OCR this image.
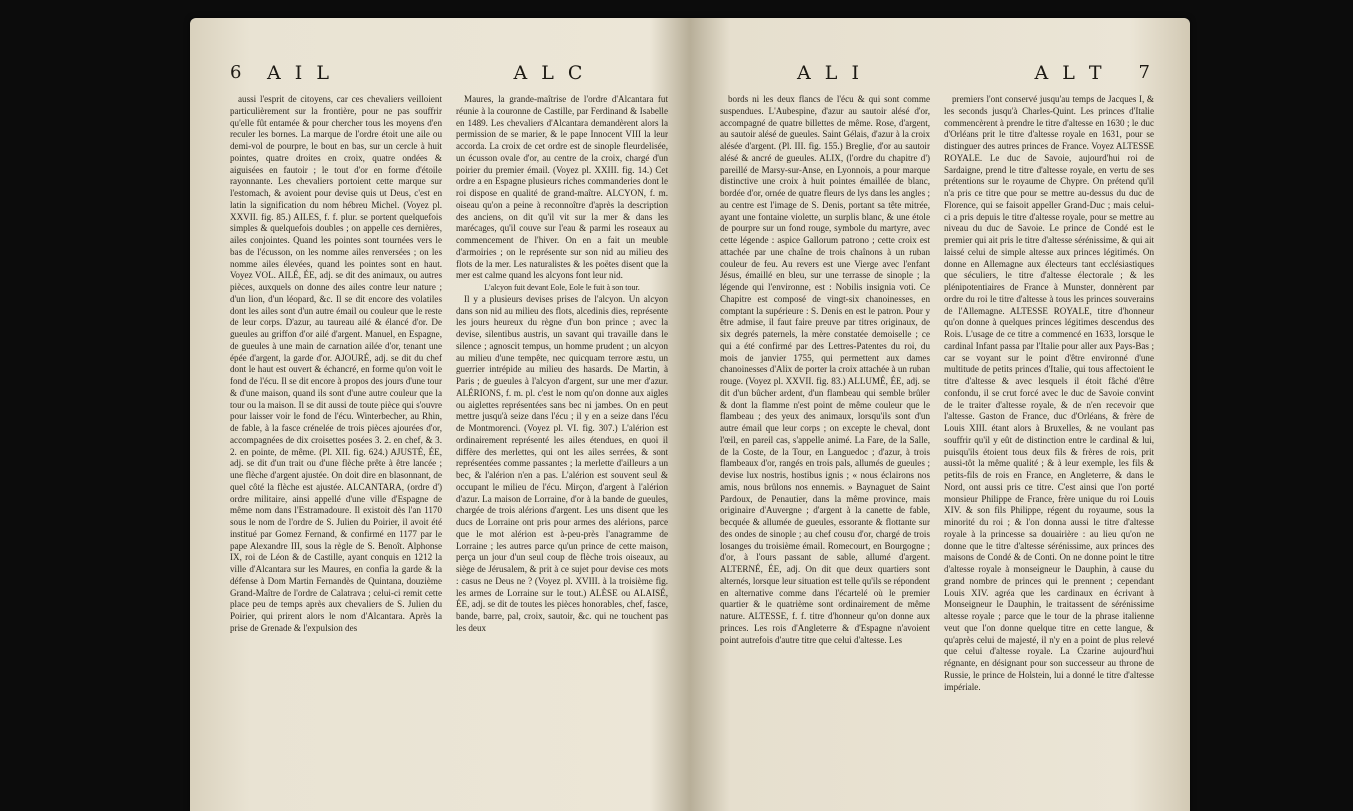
6	A I L	A L C

aussi l'esprit de citoyens, car ces chevaliers veilloient particulièrement sur la frontière, pour ne pas souffrir qu'elle fût entamée & pour chercher tous les moyens d'en reculer les bornes. La marque de l'ordre étoit une aile ou demi-vol de pourpre, le bout en bas, sur un cercle à huit pointes, quatre droites en croix, quatre ondées & aiguisées en fautoir ; le tout d'or en forme d'étoile rayonnante. Les chevaliers portoient cette marque sur l'estomach, & avoient pour devise quis ut Deus, c'est en latin la signification du nom hébreu Michel. (Voyez pl. XXVII. fig. 85.) AILES, f. f. plur. se portent quelquefois simples & quelquefois doubles ; on appelle ces dernières, ailes conjointes. Quand les pointes sont tournées vers le bas de l'écusson, on les nomme ailes renversées ; on les nomme ailes élevées, quand les pointes sont en haut. Voyez VOL. AILÉ, ÉE, adj. se dit des animaux, ou autres pièces, auxquels on donne des ailes contre leur nature ; d'un lion, d'un léopard, &c. Il se dit encore des volatiles dont les ailes sont d'un autre émail ou couleur que le reste de leur corps. D'azur, au taureau ailé & élancé d'or. De gueules au griffon d'or ailé d'argent. Manuel, en Espagne, de gueules à une main de carnation ailée d'or, tenant une épée d'argent, la garde d'or. AJOURÉ, adj. se dit du chef dont le haut est ouvert & échancré, en forme qu'on voit le fond de l'écu. Il se dit encore à propos des jours d'une tour & d'une maison, quand ils sont d'une autre couleur que la tour ou la maison. Il se dit aussi de toute pièce qui s'ouvre pour laisser voir le fond de l'écu. Winterbecher, au Rhin, de fable, à la fasce crénelée de trois pièces ajourées d'or, accompagnées de dix croisettes posées 3. 2. en chef, & 3. 2. en pointe, de même. (Pl. XII. fig. 624.) AJUSTÉ, ÉE, adj. se dit d'un trait ou d'une flèche prête à être lancée ; une flèche d'argent ajustée. On doit dire en blasonnant, de quel côté la flèche est ajustée. ALCANTARA, (ordre d') ordre militaire, ainsi appellé d'une ville d'Espagne de même nom dans l'Estramadoure. Il existoit dès l'an 1170 sous le nom de l'ordre de S. Julien du Poirier, il avoit été institué par Gomez Fernand, & confirmé en 1177 par le pape Alexandre III, sous la règle de S. Benoît. Alphonse IX, roi de Léon & de Castille, ayant conquis en 1212 la ville d'Alcantara sur les Maures, en confia la garde & la défense à Dom Martin Fernandès de Quintana, douzième Grand-Maître de l'ordre de Calatrava ; celui-ci remit cette place peu de temps après aux chevaliers de S. Julien du Poirier, qui prirent alors le nom d'Alcantara. Après la prise de Grenade & l'expulsion des

Maures, la grande-maîtrise de l'ordre d'Alcantara fut réunie à la couronne de Castille, par Ferdinand & Isabelle en 1489. Les chevaliers d'Alcantara demandèrent alors la permission de se marier, & le pape Innocent VIII la leur accorda. La croix de cet ordre est de sinople fleurdelisée, un écusson ovale d'or, au centre de la croix, chargé d'un poirier du premier émail. (Voyez pl. XXIII. fig. 14.) Cet ordre a en Espagne plusieurs riches commanderies dont le roi dispose en qualité de grand-maître. ALCYON, f. m. oiseau qu'on a peine à reconnoître d'après la description des anciens, on dit qu'il vit sur la mer & dans les marécages, qu'il couve sur l'eau & parmi les roseaux au commencement de l'hiver. On en a fait un meuble d'armoiries ; on le représente sur son nid au milieu des flots de la mer. Les naturalistes & les poëtes disent que la mer est calme quand les alcyons font leur nid.

L'alcyon fuit devant Eole, Eole le fuit à son tour.

Il y a plusieurs devises prises de l'alcyon. Un alcyon dans son nid au milieu des flots, alcedinis dies, représente les jours heureux du règne d'un bon prince ; avec la devise, silentibus austris, un savant qui travaille dans le silence ; agnoscit tempus, un homme prudent ; un alcyon au milieu d'une tempête, nec quicquam terrore æstu, un guerrier intrépide au milieu des hasards. De Martin, à Paris ; de gueules à l'alcyon d'argent, sur une mer d'azur. ALÉRIONS, f. m. pl. c'est le nom qu'on donne aux aigles ou aiglettes représentées sans bec ni jambes. On en peut mettre jusqu'à seize dans l'écu ; il y en a seize dans l'écu de Montmorenci. (Voyez pl. VI. fig. 307.) L'alérion est ordinairement représenté les ailes étendues, en quoi il diffère des merlettes, qui ont les ailes serrées, & sont représentées comme passantes ; la merlette d'ailleurs a un bec, & l'alérion n'en a pas. L'alérion est souvent seul & occupant le milieu de l'écu. Mirçon, d'argent à l'alérion d'azur. La maison de Lorraine, d'or à la bande de gueules, chargée de trois alérions d'argent. Les uns disent que les ducs de Lorraine ont pris pour armes des alérions, parce que le mot alérion est à-peu-près l'anagramme de Lorraine ; les autres parce qu'un prince de cette maison, perça un jour d'un seul coup de flèche trois oiseaux, au siège de Jérusalem, & prit à ce sujet pour devise ces mots : casus ne Deus ne ? (Voyez pl. XVIII. à la troisième fig. les armes de Lorraine sur le tout.) ALÈSE ou ALAISÉ, ÉE, adj. se dit de toutes les pièces honorables, chef, fasce, bande, barre, pal, croix, sautoir, &c. qui ne touchent pas les deux

A L I	A L T	7

bords ni les deux flancs de l'écu & qui sont comme suspendues. L'Aubespine, d'azur au sautoir alésé d'or, accompagné de quatre billettes de même. Rose, d'argent, au sautoir alésé de gueules. Saint Gélais, d'azur à la croix alésée d'argent. (Pl. III. fig. 155.) Breglie, d'or au sautoir alésé & ancré de gueules. ALIX, (l'ordre du chapitre d') pareillé de Marsy-sur-Anse, en Lyonnois, a pour marque distinctive une croix à huit pointes émaillée de blanc, bordée d'or, ornée de quatre fleurs de lys dans les angles ; au centre est l'image de S. Denis, portant sa tête mitrée, ayant une fontaine violette, un surplis blanc, & une étole de pourpre sur un fond rouge, symbole du martyre, avec cette légende : aspice Gallorum patrono ; cette croix est attachée par une chaîne de trois chaînons à un ruban couleur de feu. Au revers est une Vierge avec l'enfant Jésus, émaillé en bleu, sur une terrasse de sinople ; la légende qui l'environne, est : Nobilis insignia voti. Ce Chapitre est composé de vingt-six chanoinesses, en comptant la supérieure : S. Denis en est le patron. Pour y être admise, il faut faire preuve par titres originaux, de six degrés paternels, la mère constatée demoiselle ; ce qui a été confirmé par des Lettres-Patentes du roi, du mois de janvier 1755, qui permettent aux dames chanoinesses d'Alix de porter la croix attachée à un ruban rouge. (Voyez pl. XXVII. fig. 83.) ALLUMÉ, ÉE, adj. se dit d'un bûcher ardent, d'un flambeau qui semble brûler & dont la flamme n'est point de même couleur que le flambeau ; des yeux des animaux, lorsqu'ils sont d'un autre émail que leur corps ; on excepte le cheval, dont l'œil, en pareil cas, s'appelle animé. La Fare, de la Salle, de la Coste, de la Tour, en Languedoc ; d'azur, à trois flambeaux d'or, rangés en trois pals, allumés de gueules ; devise lux nostris, hostibus ignis ; « nous éclairons nos amis, nous brûlons nos ennemis. » Baynaguet de Saint Pardoux, de Penautier, dans la même province, mais originaire d'Auvergne ; d'argent à la canette de fable, becquée & allumée de gueules, essorante & flottante sur des ondes de sinople ; au chef cousu d'or, chargé de trois losanges du troisième émail. Romecourt, en Bourgogne ; d'or, à l'ours passant de sable, allumé d'argent. ALTERNÉ, ÉE, adj. On dit que deux quartiers sont alternés, lorsque leur situation est telle qu'ils se répondent en alternative comme dans l'écartelé où le premier quartier & le quatrième sont ordinairement de même nature. ALTESSE, f. f. titre d'honneur qu'on donne aux princes. Les rois d'Angleterre & d'Espagne n'avoient point autrefois d'autre titre que celui d'altesse. Les

premiers l'ont conservé jusqu'au temps de Jacques I, & les seconds jusqu'à Charles-Quint. Les princes d'Italie commencèrent à prendre le titre d'altesse en 1630 ; le duc d'Orléans prit le titre d'altesse royale en 1631, pour se distinguer des autres princes de France. Voyez ALTESSE ROYALE. Le duc de Savoie, aujourd'hui roi de Sardaigne, prend le titre d'altesse royale, en vertu de ses prétentions sur le royaume de Chypre. On prétend qu'il n'a pris ce titre que pour se mettre au-dessus du duc de Florence, qui se faisoit appeller Grand-Duc ; mais celui-ci a pris depuis le titre d'altesse royale, pour se mettre au niveau du duc de Savoie. Le prince de Condé est le premier qui ait pris le titre d'altesse sérénissime, & qui ait laissé celui de simple altesse aux princes légitimés. On donne en Allemagne aux électeurs tant ecclésiastiques que séculiers, le titre d'altesse électorale ; & les plénipotentiaires de France à Munster, donnèrent par ordre du roi le titre d'altesse à tous les princes souverains de l'Allemagne. ALTESSE ROYALE, titre d'honneur qu'on donne à quelques princes légitimes descendus des Rois. L'usage de ce titre a commencé en 1633, lorsque le cardinal Infant passa par l'Italie pour aller aux Pays-Bas ; car se voyant sur le point d'être environné d'une multitude de petits princes d'Italie, qui tous affectoient le titre d'altesse & avec lesquels il étoit fâché d'être confondu, il se crut forcé avec le duc de Savoie convint de le traiter d'altesse royale, & de n'en recevoir que l'altesse. Gaston de France, duc d'Orléans, & frère de Louis XIII. étant alors à Bruxelles, & ne voulant pas souffrir qu'il y eût de distinction entre le cardinal & lui, puisqu'ils étoient tous deux fils & frères de rois, prit aussi-tôt la même qualité ; & à leur exemple, les fils & petits-fils de rois en France, en Angleterre, & dans le Nord, ont aussi pris ce titre. C'est ainsi que l'on porté monsieur Philippe de France, frère unique du roi Louis XIV. & son fils Philippe, régent du royaume, sous la minorité du roi ; & l'on donna aussi le titre d'altesse royale à la princesse sa douairière : au lieu qu'on ne donne que le titre d'altesse sérénissime, aux princes des maisons de Condé & de Conti. On ne donne point le titre d'altesse royale à monseigneur le Dauphin, à cause du grand nombre de princes qui le prennent ; cependant Louis XIV. agréa que les cardinaux en écrivant à Monseigneur le Dauphin, le traitassent de sérénissime altesse royale ; parce que le tour de la phrase italienne veut que l'on donne quelque titre en cette langue, & qu'après celui de majesté, il n'y en a point de plus relevé que celui d'altesse royale. La Czarine aujourd'hui régnante, en désignant pour son successeur au throne de Russie, le prince de Holstein, lui a donné le titre d'altesse impériale.
